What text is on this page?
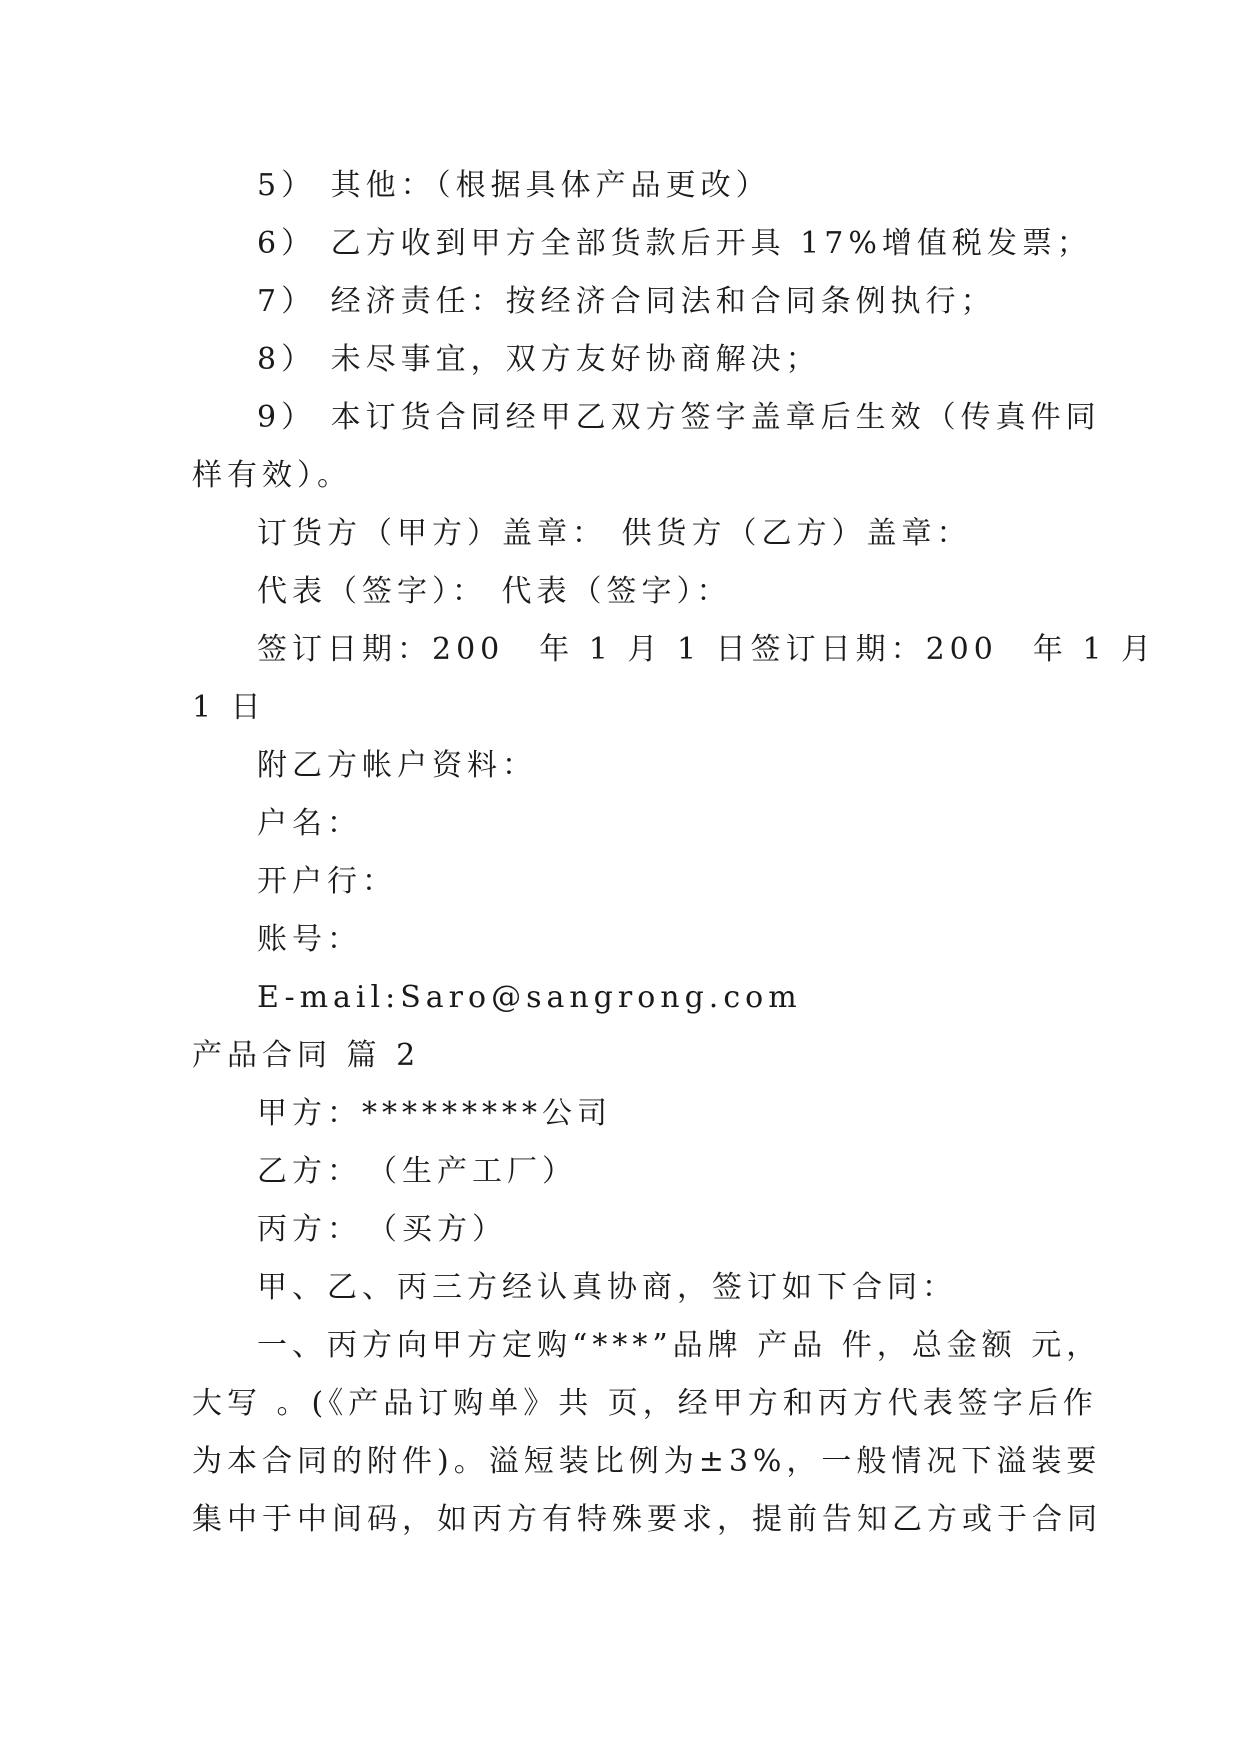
5） 其他：（根据具体产品更改）
6） 乙方收到甲方全部货款后开具 17%增值税发票；
7） 经济责任：按经济合同法和合同条例执行；
8） 未尽事宜，双方友好协商解决；
9） 本订货合同经甲乙双方签字盖章后生效（传真件同
样有效）。
订货方（甲方）盖章： 供货方（乙方）盖章：
代表（签字）： 代表（签字）：
签订日期：200　年 1 月 1 日签订日期：200　年 1 月
1 日
附乙方帐户资料：
户名：
开户行：
账号：
E-mail:Saro@sangrong.com
产品合同 篇 2
甲方：*********公司
乙方：　（生产工厂）
丙方：　（买方）
甲、乙、丙三方经认真协商，签订如下合同：
一、丙方向甲方定购“***”品牌 产品 件，总金额 元，
大写 。(《产品订购单》共 页，经甲方和丙方代表签字后作
为本合同的附件)。溢短装比例为±3%，一般情况下溢装要
集中于中间码，如丙方有特殊要求，提前告知乙方或于合同
